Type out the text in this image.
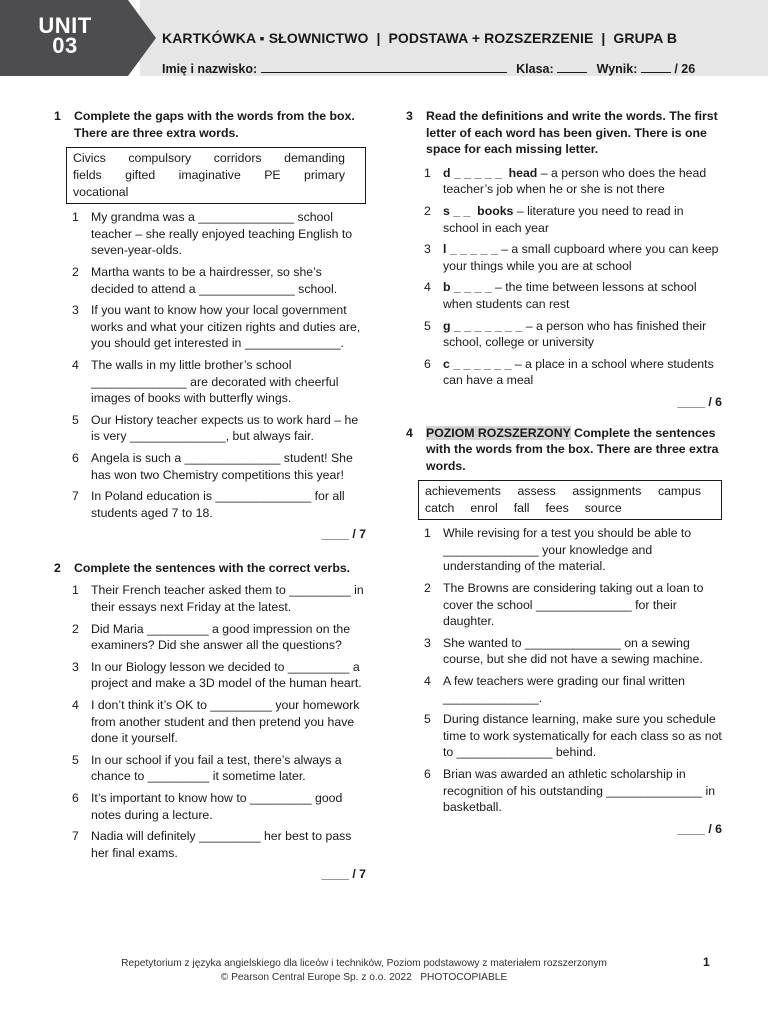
UNIT
03	KARTKÓWKA ▪ SŁOWNICTWO  |  PODSTAWA + ROZSZERZENIE  |  GRUPA B
Imię i nazwisko:	Klasa:	Wynik:	/ 26
1	Complete the gaps with the words from the box. There are three extra words.
Civics compulsory corridors demanding
fields gifted imaginative PE primary
vocational
1 My grandma was a ______________ school teacher – she really enjoyed teaching English to seven-year-olds.
2 Martha wants to be a hairdresser, so she’s decided to attend a ______________ school.
3 If you want to know how your local government works and what your citizen rights and duties are, you should get interested in ______________.
4 The walls in my little brother’s school ______________ are decorated with cheerful images of books with butterfly wings.
5 Our History teacher expects us to work hard – he is very ______________, but always fair.
6 Angela is such a ______________ student! She has won two Chemistry competitions this year!
7 In Poland education is ______________ for all students aged 7 to 18.
____ / 7
2	Complete the sentences with the correct verbs.
1 Their French teacher asked them to _________ in their essays next Friday at the latest.
2 Did Maria _________ a good impression on the examiners? Did she answer all the questions?
3 In our Biology lesson we decided to _________ a project and make a 3D model of the human heart.
4 I don’t think it’s OK to _________ your homework from another student and then pretend you have done it yourself.
5 In our school if you fail a test, there’s always a chance to _________ it sometime later.
6 It’s important to know how to _________ good notes during a lecture.
7 Nadia will definitely _________ her best to pass her final exams.
____ / 7
3	Read the definitions and write the words. The first letter of each word has been given. There is one space for each missing letter.
1 d _ _ _ _ _  head – a person who does the head teacher’s job when he or she is not there
2 s _ _  books – literature you need to read in school in each year
3 l _ _ _ _ _ – a small cupboard where you can keep your things while you are at school
4 b _ _ _ _ – the time between lessons at school when students can rest
5 g _ _ _ _ _ _ _ – a person who has finished their school, college or university
6 c _ _ _ _ _ _ – a place in a school where students can have a meal
____ / 6
4	POZIOM ROZSZERZONY Complete the sentences with the words from the box. There are three extra words.
achievements assess assignments campus
catch enrol fall fees source
1 While revising for a test you should be able to ______________ your knowledge and understanding of the material.
2 The Browns are considering taking out a loan to cover the school ______________ for their daughter.
3 She wanted to ______________ on a sewing course, but she did not have a sewing machine.
4 A few teachers were grading our final written ______________.
5 During distance learning, make sure you schedule time to work systematically for each class so as not to ______________ behind.
6 Brian was awarded an athletic scholarship in recognition of his outstanding ______________ in basketball.
____ / 6
Repetytorium z języka angielskiego dla liceów i techników, Poziom podstawowy z materiałem rozszerzonym
© Pearson Central Europe Sp. z o.o. 2022   PHOTOCOPIABLE
1
